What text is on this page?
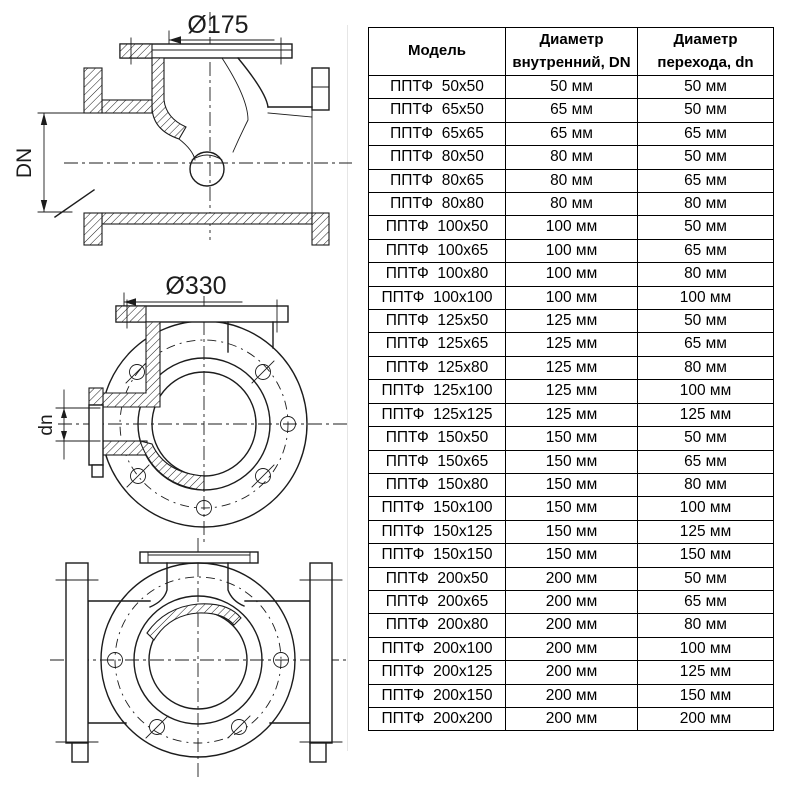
Ø175
DN
Ø330
dn
Модель	Диаметр внутренний, DN	Диаметр перехода, dn
ППТФ  50x50	50 мм	50 мм
ППТФ  65x50	65 мм	50 мм
ППТФ  65x65	65 мм	65 мм
ППТФ  80x50	80 мм	50 мм
ППТФ  80x65	80 мм	65 мм
ППТФ  80x80	80 мм	80 мм
ППТФ  100x50	100 мм	50 мм
ППТФ  100x65	100 мм	65 мм
ППТФ  100x80	100 мм	80 мм
ППТФ  100x100	100 мм	100 мм
ППТФ  125x50	125 мм	50 мм
ППТФ  125x65	125 мм	65 мм
ППТФ  125x80	125 мм	80 мм
ППТФ  125x100	125 мм	100 мм
ППТФ  125x125	125 мм	125 мм
ППТФ  150x50	150 мм	50 мм
ППТФ  150x65	150 мм	65 мм
ППТФ  150x80	150 мм	80 мм
ППТФ  150x100	150 мм	100 мм
ППТФ  150x125	150 мм	125 мм
ППТФ  150x150	150 мм	150 мм
ППТФ  200x50	200 мм	50 мм
ППТФ  200x65	200 мм	65 мм
ППТФ  200x80	200 мм	80 мм
ППТФ  200x100	200 мм	100 мм
ППТФ  200x125	200 мм	125 мм
ППТФ  200x150	200 мм	150 мм
ППТФ  200x200	200 мм	200 мм
